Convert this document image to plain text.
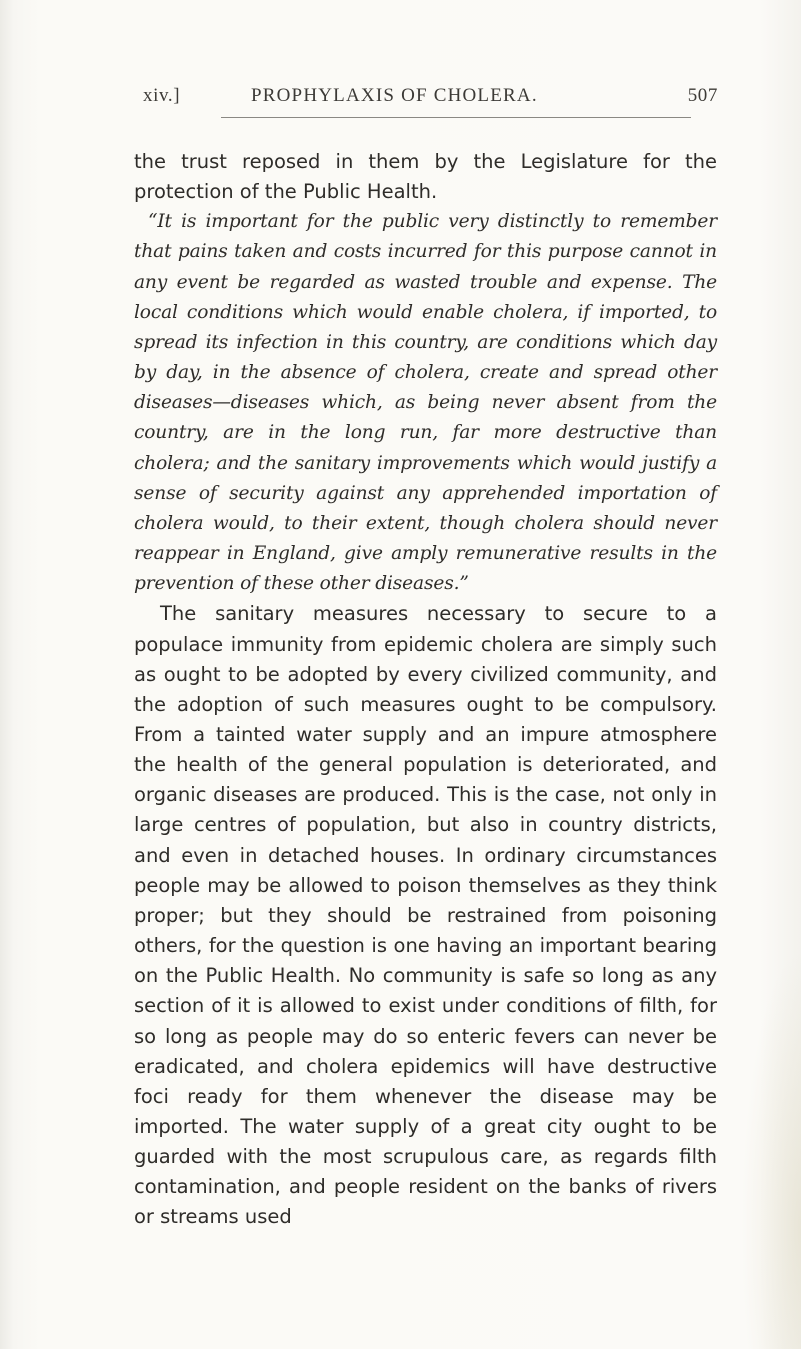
xiv.]	PROPHYLAXIS OF CHOLERA.	507

the trust reposed in them by the Legislature for the protection of the Public Health.

“It is important for the public very distinctly to remember that pains taken and costs incurred for this purpose cannot in any event be regarded as wasted trouble and expense. The local conditions which would enable cholera, if imported, to spread its infection in this country, are conditions which day by day, in the absence of cholera, create and spread other diseases—diseases which, as being never absent from the country, are in the long run, far more destructive than cholera; and the sanitary improvements which would justify a sense of security against any apprehended importation of cholera would, to their extent, though cholera should never reappear in England, give amply remunerative results in the prevention of these other diseases.”

The sanitary measures necessary to secure to a populace immunity from epidemic cholera are simply such as ought to be adopted by every civilized community, and the adoption of such measures ought to be compulsory. From a tainted water supply and an impure atmosphere the health of the general population is deteriorated, and organic diseases are produced. This is the case, not only in large centres of population, but also in country districts, and even in detached houses. In ordinary circumstances people may be allowed to poison themselves as they think proper; but they should be restrained from poisoning others, for the question is one having an important bearing on the Public Health. No community is safe so long as any section of it is allowed to exist under conditions of filth, for so long as people may do so enteric fevers can never be eradicated, and cholera epidemics will have destructive foci ready for them whenever the disease may be imported. The water supply of a great city ought to be guarded with the most scrupulous care, as regards filth contamination, and people resident on the banks of rivers or streams used
